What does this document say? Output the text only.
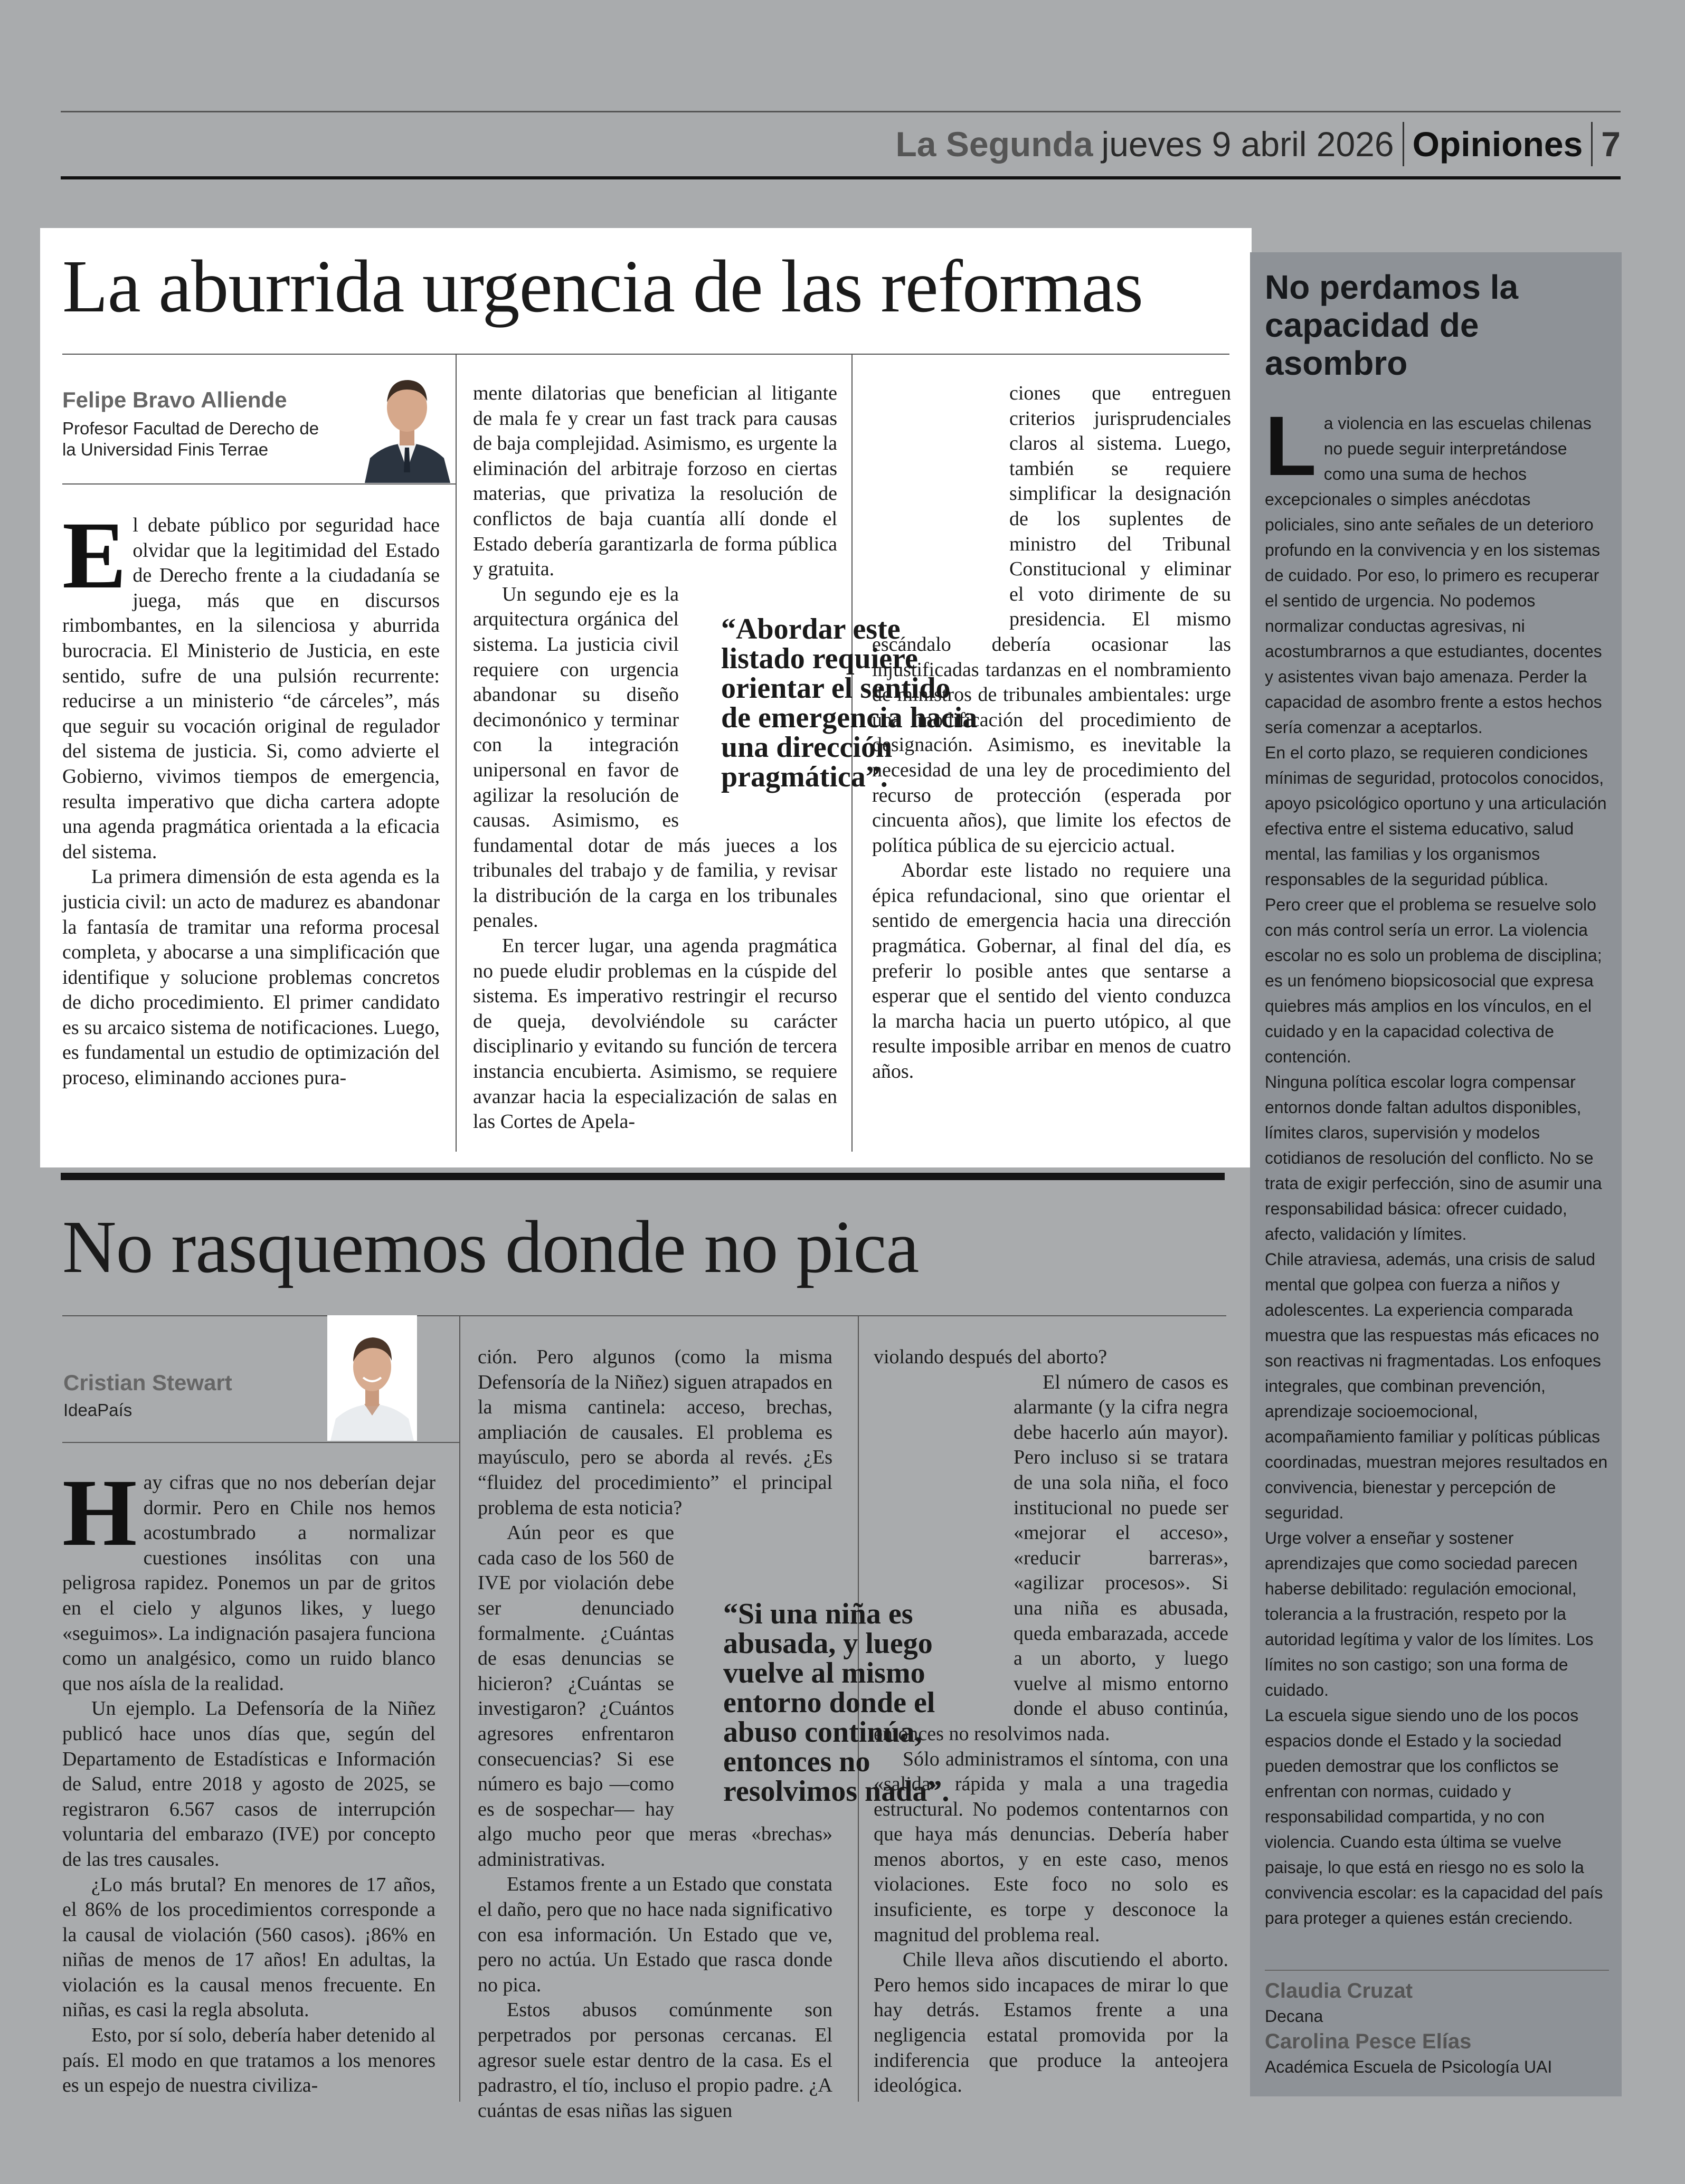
La Segunda jueves 9 abril 2026 Opiniones 7
La aburrida urgencia de las reformas
Felipe Bravo Alliende
Profesor Facultad de Derecho de la Universidad Finis Terrae

El debate público por seguridad hace olvidar que la legitimidad del Estado de Derecho frente a la ciudadanía se juega, más que en discursos rimbombantes, en la silenciosa y aburrida burocracia. El Ministerio de Justicia, en este sentido, sufre de una pulsión recurrente: reducirse a un ministerio “de cárceles”, más que seguir su vocación original de regulador del sistema de justicia. Si, como advierte el Gobierno, vivimos tiempos de emergencia, resulta imperativo que dicha cartera adopte una agenda pragmática orientada a la eficacia del sistema.

La primera dimensión de esta agenda es la justicia civil: un acto de madurez es abandonar la fantasía de tramitar una reforma procesal completa, y abocarse a una simplificación que identifique y solucione problemas concretos de dicho procedimiento. El primer candidato es su arcaico sistema de notificaciones. Luego, es fundamental un estudio de optimización del proceso, eliminando acciones pura-

mente dilatorias que benefician al litigante de mala fe y crear un fast track para causas de baja complejidad. Asimismo, es urgente la eliminación del arbitraje forzoso en ciertas materias, que privatiza la resolución de conflictos de baja cuantía allí donde el Estado debería garantizarla de forma pública y gratuita.

Un segundo eje es la arquitectura orgánica del sistema. La justicia civil requiere con urgencia abandonar su diseño decimonónico y terminar con la integración unipersonal en favor de agilizar la resolución de causas. Asimismo, es fundamental dotar de más jueces a los tribunales del trabajo y de familia, y revisar la distribución de la carga en los tribunales penales.

En tercer lugar, una agenda pragmática no puede eludir problemas en la cúspide del sistema. Es imperativo restringir el recurso de queja, devolviéndole su carácter disciplinario y evitando su función de tercera instancia encubierta. Asimismo, se requiere avanzar hacia la especialización de salas en las Cortes de Apela-

ciones que entreguen criterios jurisprudenciales claros al sistema. Luego, también se requiere simplificar la designación de los suplentes de ministro del Tribunal Constitucional y eliminar el voto dirimente de su presidencia. El mismo escándalo debería ocasionar las injustificadas tardanzas en el nombramiento de ministros de tribunales ambientales: urge una modificación del procedimiento de designación. Asimismo, es inevitable la necesidad de una ley de procedimiento del recurso de protección (esperada por cincuenta años), que limite los efectos de política pública de su ejercicio actual.

Abordar este listado no requiere una épica refundacional, sino que orientar el sentido de emergencia hacia una dirección pragmática. Gobernar, al final del día, es preferir lo posible antes que sentarse a esperar que el sentido del viento conduzca la marcha hacia un puerto utópico, al que resulte imposible arribar en menos de cuatro años.

“Abordar este listado requiere orientar el sentido de emergencia hacia una dirección pragmática”.
No rasquemos donde no pica
Cristian Stewart
IdeaPaís

Hay cifras que no nos deberían dejar dormir. Pero en Chile nos hemos acostumbrado a normalizar cuestiones insólitas con una peligrosa rapidez. Ponemos un par de gritos en el cielo y algunos likes, y luego «seguimos». La indignación pasajera funciona como un analgésico, como un ruido blanco que nos aísla de la realidad.

Un ejemplo. La Defensoría de la Niñez publicó hace unos días que, según del Departamento de Estadísticas e Información de Salud, entre 2018 y agosto de 2025, se registraron 6.567 casos de interrupción voluntaria del embarazo (IVE) por concepto de las tres causales.

¿Lo más brutal? En menores de 17 años, el 86% de los procedimientos corresponde a la causal de violación (560 casos). ¡86% en niñas de menos de 17 años! En adultas, la violación es la causal menos frecuente. En niñas, es casi la regla absoluta.

Esto, por sí solo, debería haber detenido al país. El modo en que tratamos a los menores es un espejo de nuestra civiliza-

ción. Pero algunos (como la misma Defensoría de la Niñez) siguen atrapados en la misma cantinela: acceso, brechas, ampliación de causales. El problema es mayúsculo, pero se aborda al revés. ¿Es “fluidez del procedimiento” el principal problema de esta noticia?

Aún peor es que cada caso de los 560 de IVE por violación debe ser denunciado formalmente. ¿Cuántas de esas denuncias se hicieron? ¿Cuántas se investigaron? ¿Cuántos agresores enfrentaron consecuencias? Si ese número es bajo —como es de sospechar— hay algo mucho peor que meras «brechas» administrativas.

Estamos frente a un Estado que constata el daño, pero que no hace nada significativo con esa información. Un Estado que ve, pero no actúa. Un Estado que rasca donde no pica.

Estos abusos comúnmente son perpetrados por personas cercanas. El agresor suele estar dentro de la casa. Es el padrastro, el tío, incluso el propio padre. ¿A cuántas de esas niñas las siguen

violando después del aborto?

El número de casos es alarmante (y la cifra negra debe hacerlo aún mayor). Pero incluso si se tratara de una sola niña, el foco institucional no puede ser «mejorar el acceso», «reducir barreras», «agilizar procesos». Si una niña es abusada, queda embarazada, accede a un aborto, y luego vuelve al mismo entorno donde el abuso continúa, entonces no resolvimos nada.

Sólo administramos el síntoma, con una «salida» rápida y mala a una tragedia estructural. No podemos contentarnos con que haya más denuncias. Debería haber menos abortos, y en este caso, menos violaciones. Este foco no solo es insuficiente, es torpe y desconoce la magnitud del problema real.

Chile lleva años discutiendo el aborto. Pero hemos sido incapaces de mirar lo que hay detrás. Estamos frente a una negligencia estatal promovida por la indiferencia que produce la anteojera ideológica.

“Si una niña es abusada, y luego vuelve al mismo entorno donde el abuso continúa, entonces no resolvimos nada”.
No perdamos la capacidad de asombro

La violencia en las escuelas chilenas no puede seguir interpretándose como una suma de hechos excepcionales o simples anécdotas policiales, sino ante señales de un deterioro profundo en la convivencia y en los sistemas de cuidado. Por eso, lo primero es recuperar el sentido de urgencia. No podemos normalizar conductas agresivas, ni acostumbrarnos a que estudiantes, docentes y asistentes vivan bajo amenaza. Perder la capacidad de asombro frente a estos hechos sería comenzar a aceptarlos.

En el corto plazo, se requieren condiciones mínimas de seguridad, protocolos conocidos, apoyo psicológico oportuno y una articulación efectiva entre el sistema educativo, salud mental, las familias y los organismos responsables de la seguridad pública.

Pero creer que el problema se resuelve solo con más control sería un error. La violencia escolar no es solo un problema de disciplina; es un fenómeno biopsicosocial que expresa quiebres más amplios en los vínculos, en el cuidado y en la capacidad colectiva de contención.

Ninguna política escolar logra compensar entornos donde faltan adultos disponibles, límites claros, supervisión y modelos cotidianos de resolución del conflicto. No se trata de exigir perfección, sino de asumir una responsabilidad básica: ofrecer cuidado, afecto, validación y límites.

Chile atraviesa, además, una crisis de salud mental que golpea con fuerza a niños y adolescentes. La experiencia comparada muestra que las respuestas más eficaces no son reactivas ni fragmentadas. Los enfoques integrales, que combinan prevención, aprendizaje socioemocional, acompañamiento familiar y políticas públicas coordinadas, muestran mejores resultados en convivencia, bienestar y percepción de seguridad.

Urge volver a enseñar y sostener aprendizajes que como sociedad parecen haberse debilitado: regulación emocional, tolerancia a la frustración, respeto por la autoridad legítima y valor de los límites. Los límites no son castigo; son una forma de cuidado.

La escuela sigue siendo uno de los pocos espacios donde el Estado y la sociedad pueden demostrar que los conflictos se enfrentan con normas, cuidado y responsabilidad compartida, y no con violencia. Cuando esta última se vuelve paisaje, lo que está en riesgo no es solo la convivencia escolar: es la capacidad del país para proteger a quienes están creciendo.

Claudia Cruzat
Decana
Carolina Pesce Elías
Académica Escuela de Psicología UAI
